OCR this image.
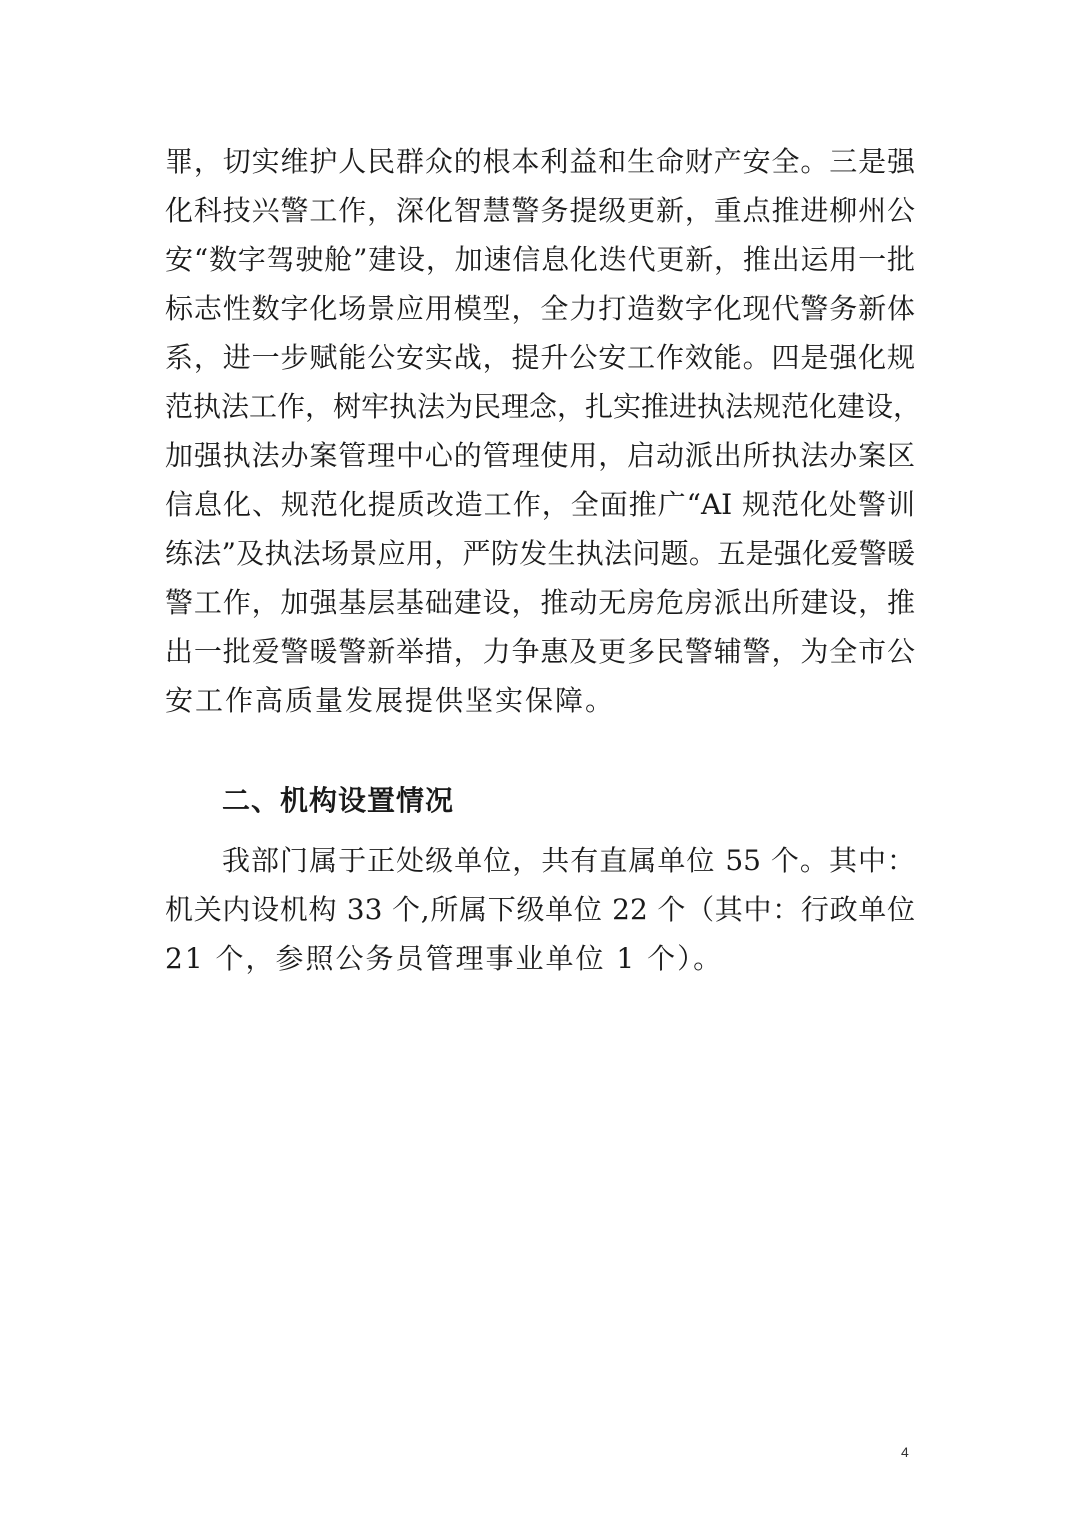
罪，切实维护人民群众的根本利益和生命财产安全。三是强
化科技兴警工作，深化智慧警务提级更新，重点推进柳州公
安“数字驾驶舱”建设，加速信息化迭代更新，推出运用一批
标志性数字化场景应用模型，全力打造数字化现代警务新体
系，进一步赋能公安实战，提升公安工作效能。四是强化规
范执法工作，树牢执法为民理念，扎实推进执法规范化建设，
加强执法办案管理中心的管理使用，启动派出所执法办案区
信息化、规范化提质改造工作，全面推广“AI 规范化处警训
练法”及执法场景应用，严防发生执法问题。五是强化爱警暖
警工作，加强基层基础建设，推动无房危房派出所建设，推
出一批爱警暖警新举措，力争惠及更多民警辅警，为全市公
安工作高质量发展提供坚实保障。
二、机构设置情况
我部门属于正处级单位，共有直属单位 55 个。其中：
机关内设机构 33 个,所属下级单位 22 个（其中：行政单位
21 个，参照公务员管理事业单位 1 个）。
4
